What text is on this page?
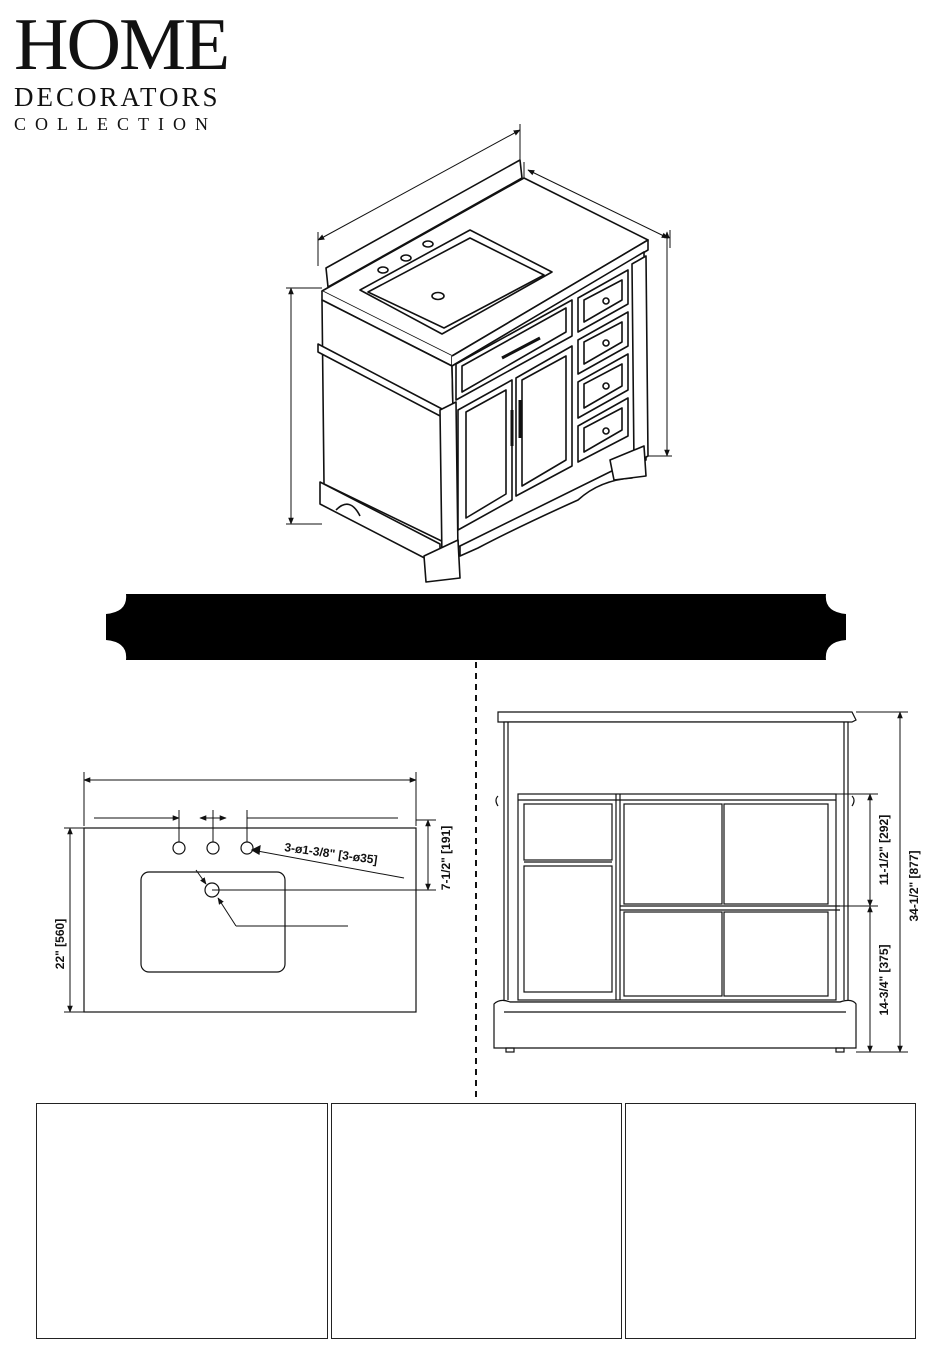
HOME
DECORATORS
COLLECTION
22" [560]
7-1/2" [191]
3-ø1-3/8" [3-ø35]	11-1/2" [292]
14-3/4" [375]
34-1/2" [877]
